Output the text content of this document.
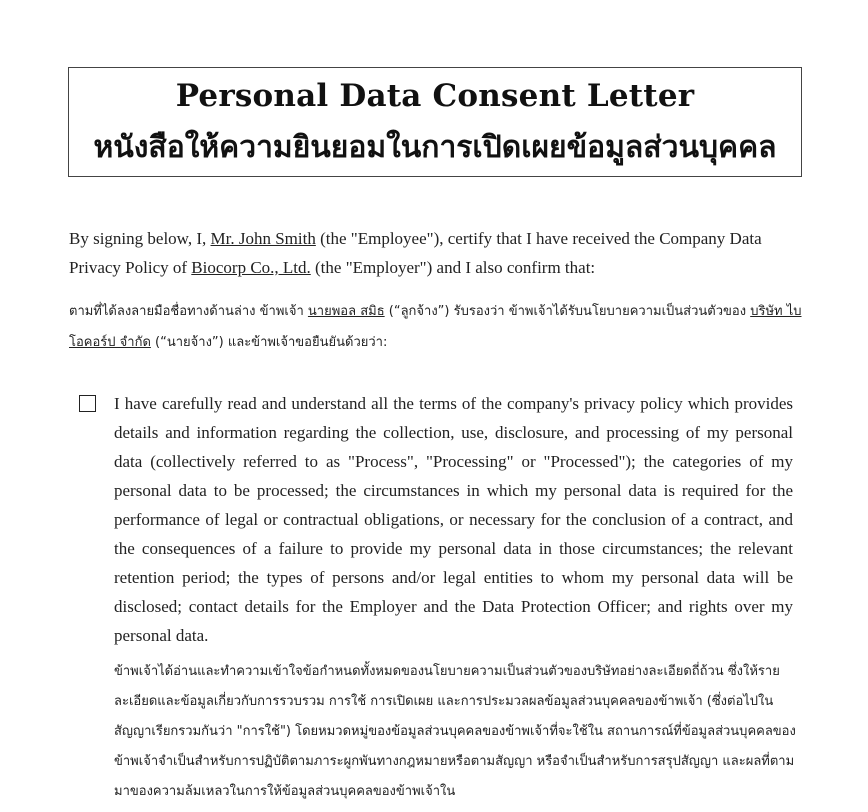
Personal Data Consent Letter
หนังสือให้ความยินยอมในการเปิดเผยข้อมูลส่วนบุคคล

By signing below, I, Mr. John Smith (the "Employee"), certify that I have received the Company Data Privacy Policy of Biocorp Co., Ltd. (the "Employer") and I also confirm that:

ตามที่ได้ลงลายมือชื่อทางด้านล่าง ข้าพเจ้า นายพอล สมิธ (“ลูกจ้าง”) รับรองว่า ข้าพเจ้าได้รับนโยบายความเป็นส่วนตัวของ บริษัท ไบโอคอร์ป จำกัด (“นายจ้าง”) และข้าพเจ้าขอยืนยันด้วยว่า:

I have carefully read and understand all the terms of the company's privacy policy which provides details and information regarding the collection, use, disclosure, and processing of my personal data (collectively referred to as "Process", "Processing" or "Processed"); the categories of my personal data to be processed; the circumstances in which my personal data is required for the performance of legal or contractual obligations, or necessary for the conclusion of a contract, and the consequences of a failure to provide my personal data in those circumstances; the relevant retention period; the types of persons and/or legal entities to whom my personal data will be disclosed; contact details for the Employer and the Data Protection Officer; and rights over my personal data.

ข้าพเจ้าได้อ่านและทำความเข้าใจข้อกำหนดทั้งหมดของนโยบายความเป็นส่วนตัวของบริษัทอย่างละเอียดถี่ถ้วน ซึ่งให้รายละเอียดและข้อมูลเกี่ยวกับการรวบรวม การใช้ การเปิดเผย และการประมวลผลข้อมูลส่วนบุคคลของข้าพเจ้า (ซึ่งต่อไปในสัญญาเรียกรวมกันว่า "การใช้") โดยหมวดหมู่ของข้อมูลส่วนบุคคลของข้าพเจ้าที่จะใช้ใน สถานการณ์ที่ข้อมูลส่วนบุคคลของข้าพเจ้าจำเป็นสำหรับการปฏิบัติตามภาระผูกพันทางกฎหมายหรือตามสัญญา หรือจำเป็นสำหรับการสรุปสัญญา และผลที่ตามมาของความล้มเหลวในการให้ข้อมูลส่วนบุคคลของข้าพเจ้าใน
